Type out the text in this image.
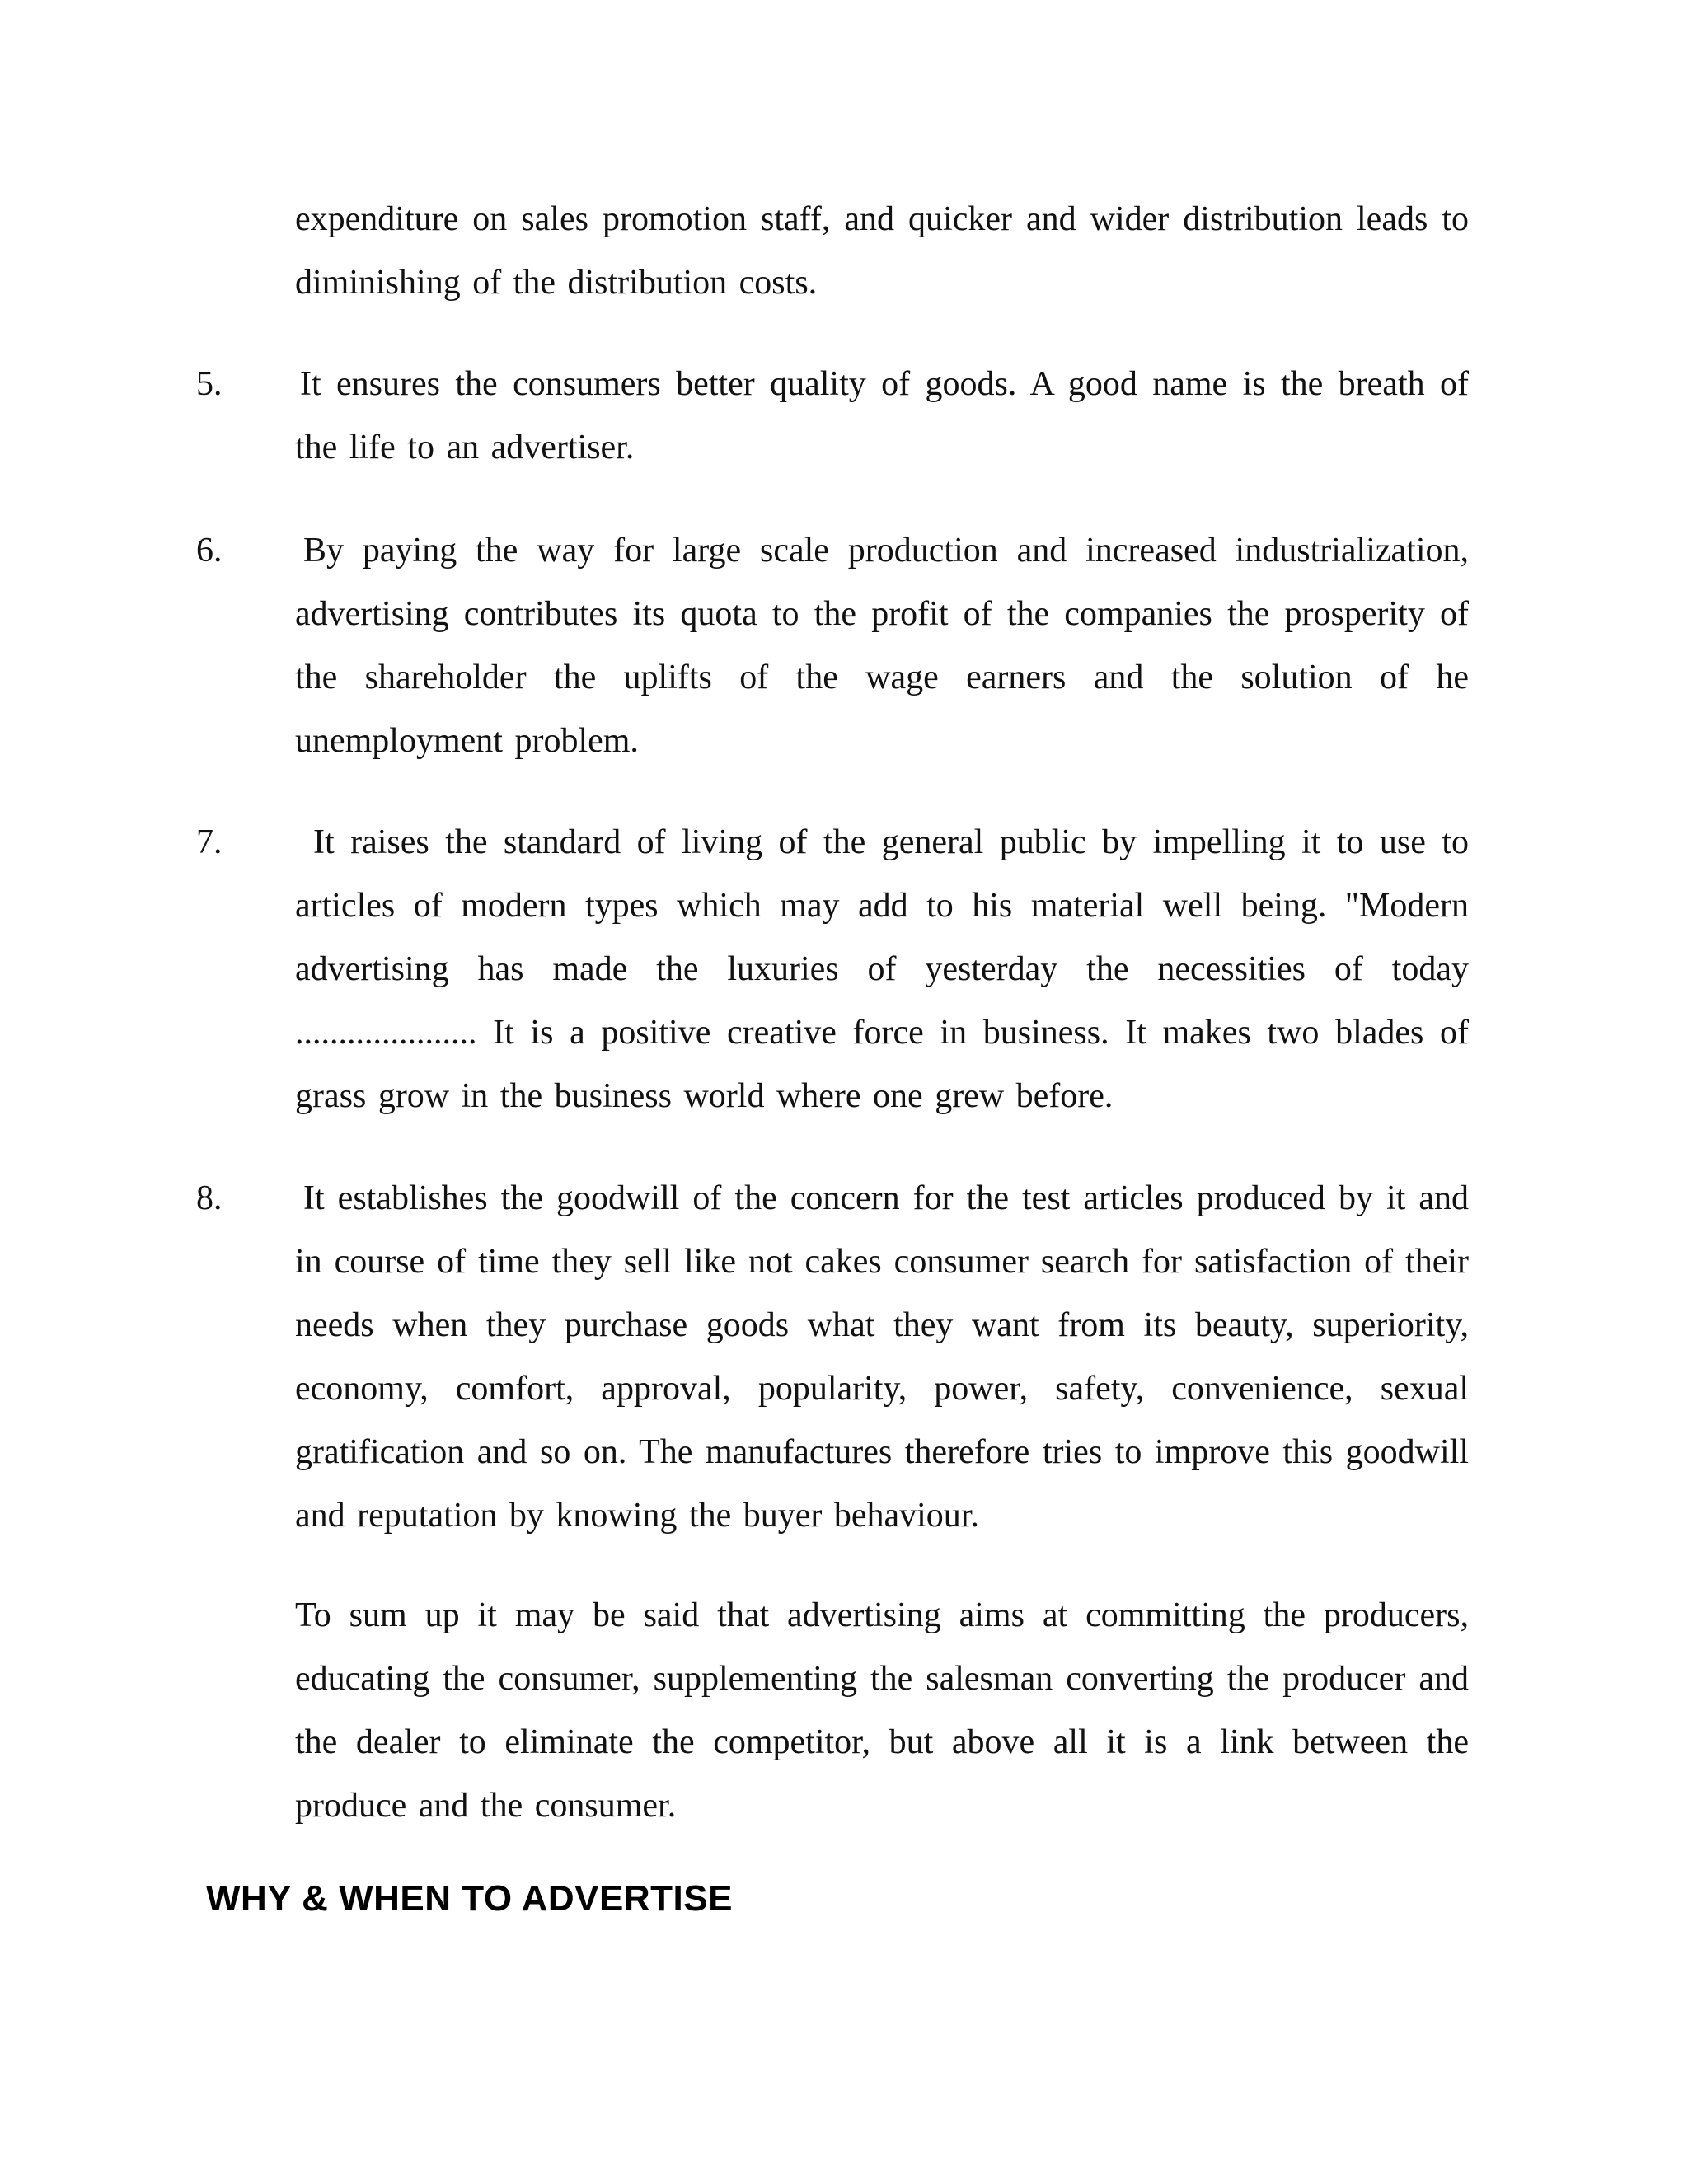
expenditure on sales promotion staff, and quicker and wider distribution leads to diminishing of the distribution costs.

5.	It ensures the consumers better quality of goods. A good name is the breath of the life to an advertiser.

6.	By paying the way for large scale production and increased industrialization, advertising contributes its quota to the profit of the companies the prosperity of the shareholder the uplifts of the wage earners and the solution of he unemployment problem.

7.	It raises the standard of living of the general public by impelling it to use to articles of modern types which may add to his material well being. "Modern advertising has made the luxuries of yesterday the necessities of today ..................... It is a positive creative force in business. It makes two blades of grass grow in the business world where one grew before.

8.	It establishes the goodwill of the concern for the test articles produced by it and in course of time they sell like not cakes consumer search for satisfaction of their needs when they purchase goods what they want from its beauty, superiority, economy, comfort, approval, popularity, power, safety, convenience, sexual gratification and so on. The manufactures therefore tries to improve this goodwill and reputation by knowing the buyer behaviour.

To sum up it may be said that advertising aims at committing the producers, educating the consumer, supplementing the salesman converting the producer and the dealer to eliminate the competitor, but above all it is a link between the produce and the consumer.

WHY & WHEN TO ADVERTISE
